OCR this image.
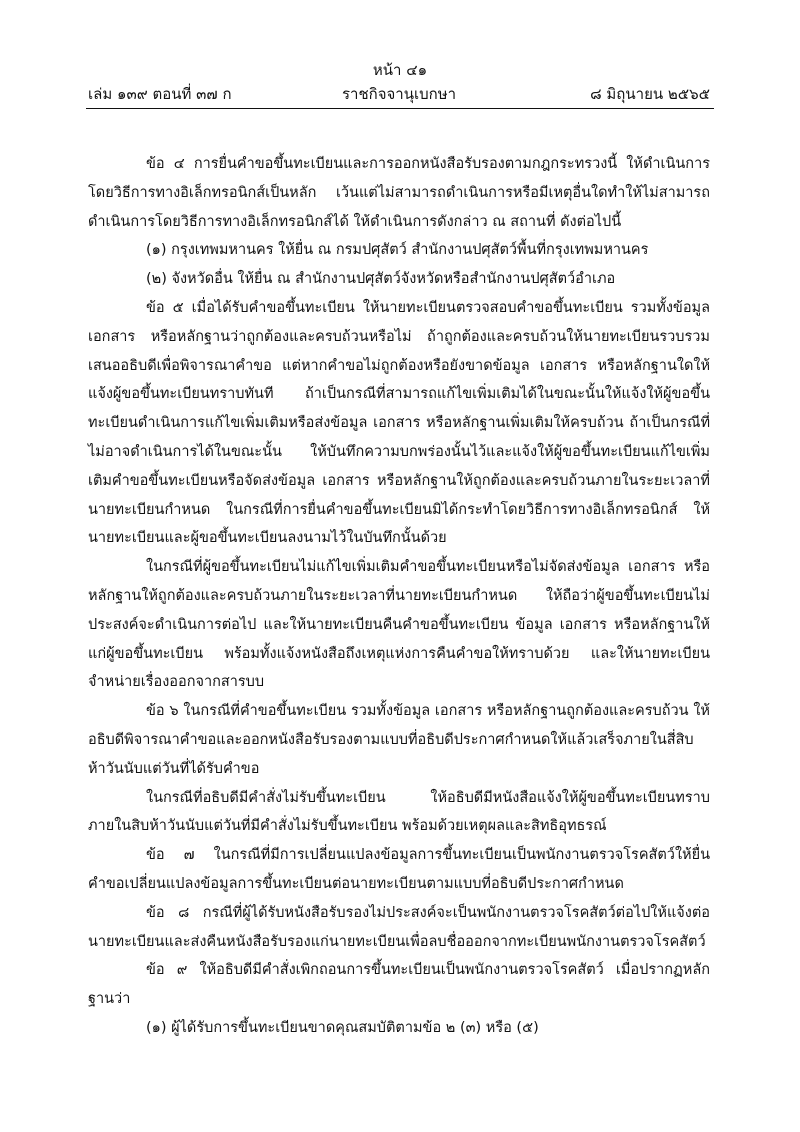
หน้า ๔๑
เล่ม ๑๓๙ ตอนที่ ๓๗ ก	ราชกิจจานุเบกษา	๘ มิถุนายน ๒๕๖๕

ข้อ ๔ การยื่นคำขอขึ้นทะเบียนและการออกหนังสือรับรองตามกฎกระทรวงนี้ ให้ดำเนินการโดยวิธีการทางอิเล็กทรอนิกส์เป็นหลัก เว้นแต่ไม่สามารถดำเนินการหรือมีเหตุอื่นใดทำให้ไม่สามารถดำเนินการโดยวิธีการทางอิเล็กทรอนิกส์ได้ ให้ดำเนินการดังกล่าว ณ สถานที่ ดังต่อไปนี้

(๑) กรุงเทพมหานคร ให้ยื่น ณ กรมปศุสัตว์ สำนักงานปศุสัตว์พื้นที่กรุงเทพมหานคร

(๒) จังหวัดอื่น ให้ยื่น ณ สำนักงานปศุสัตว์จังหวัดหรือสำนักงานปศุสัตว์อำเภอ

ข้อ ๕ เมื่อได้รับคำขอขึ้นทะเบียน ให้นายทะเบียนตรวจสอบคำขอขึ้นทะเบียน รวมทั้งข้อมูล เอกสาร หรือหลักฐานว่าถูกต้องและครบถ้วนหรือไม่ ถ้าถูกต้องและครบถ้วนให้นายทะเบียนรวบรวมเสนออธิบดีเพื่อพิจารณาคำขอ แต่หากคำขอไม่ถูกต้องหรือยังขาดข้อมูล เอกสาร หรือหลักฐานใดให้แจ้งผู้ขอขึ้นทะเบียนทราบทันที ถ้าเป็นกรณีที่สามารถแก้ไขเพิ่มเติมได้ในขณะนั้นให้แจ้งให้ผู้ขอขึ้นทะเบียนดำเนินการแก้ไขเพิ่มเติมหรือส่งข้อมูล เอกสาร หรือหลักฐานเพิ่มเติมให้ครบถ้วน ถ้าเป็นกรณีที่ไม่อาจดำเนินการได้ในขณะนั้น ให้บันทึกความบกพร่องนั้นไว้และแจ้งให้ผู้ขอขึ้นทะเบียนแก้ไขเพิ่มเติมคำขอขึ้นทะเบียนหรือจัดส่งข้อมูล เอกสาร หรือหลักฐานให้ถูกต้องและครบถ้วนภายในระยะเวลาที่นายทะเบียนกำหนด ในกรณีที่การยื่นคำขอขึ้นทะเบียนมิได้กระทำโดยวิธีการทางอิเล็กทรอนิกส์ ให้นายทะเบียนและผู้ขอขึ้นทะเบียนลงนามไว้ในบันทึกนั้นด้วย

ในกรณีที่ผู้ขอขึ้นทะเบียนไม่แก้ไขเพิ่มเติมคำขอขึ้นทะเบียนหรือไม่จัดส่งข้อมูล เอกสาร หรือหลักฐานให้ถูกต้องและครบถ้วนภายในระยะเวลาที่นายทะเบียนกำหนด ให้ถือว่าผู้ขอขึ้นทะเบียนไม่ประสงค์จะดำเนินการต่อไป และให้นายทะเบียนคืนคำขอขึ้นทะเบียน ข้อมูล เอกสาร หรือหลักฐานให้แก่ผู้ขอขึ้นทะเบียน พร้อมทั้งแจ้งหนังสือถึงเหตุแห่งการคืนคำขอให้ทราบด้วย และให้นายทะเบียนจำหน่ายเรื่องออกจากสารบบ

ข้อ ๖ ในกรณีที่คำขอขึ้นทะเบียน รวมทั้งข้อมูล เอกสาร หรือหลักฐานถูกต้องและครบถ้วน ให้อธิบดีพิจารณาคำขอและออกหนังสือรับรองตามแบบที่อธิบดีประกาศกำหนดให้แล้วเสร็จภายในสี่สิบห้าวันนับแต่วันที่ได้รับคำขอ

ในกรณีที่อธิบดีมีคำสั่งไม่รับขึ้นทะเบียน ให้อธิบดีมีหนังสือแจ้งให้ผู้ขอขึ้นทะเบียนทราบภายในสิบห้าวันนับแต่วันที่มีคำสั่งไม่รับขึ้นทะเบียน พร้อมด้วยเหตุผลและสิทธิอุทธรณ์

ข้อ ๗ ในกรณีที่มีการเปลี่ยนแปลงข้อมูลการขึ้นทะเบียนเป็นพนักงานตรวจโรคสัตว์ให้ยื่นคำขอเปลี่ยนแปลงข้อมูลการขึ้นทะเบียนต่อนายทะเบียนตามแบบที่อธิบดีประกาศกำหนด

ข้อ ๘ กรณีที่ผู้ได้รับหนังสือรับรองไม่ประสงค์จะเป็นพนักงานตรวจโรคสัตว์ต่อไปให้แจ้งต่อนายทะเบียนและส่งคืนหนังสือรับรองแก่นายทะเบียนเพื่อลบชื่อออกจากทะเบียนพนักงานตรวจโรคสัตว์

ข้อ ๙ ให้อธิบดีมีคำสั่งเพิกถอนการขึ้นทะเบียนเป็นพนักงานตรวจโรคสัตว์ เมื่อปรากฏหลักฐานว่า

(๑) ผู้ได้รับการขึ้นทะเบียนขาดคุณสมบัติตามข้อ ๒ (๓) หรือ (๕)
